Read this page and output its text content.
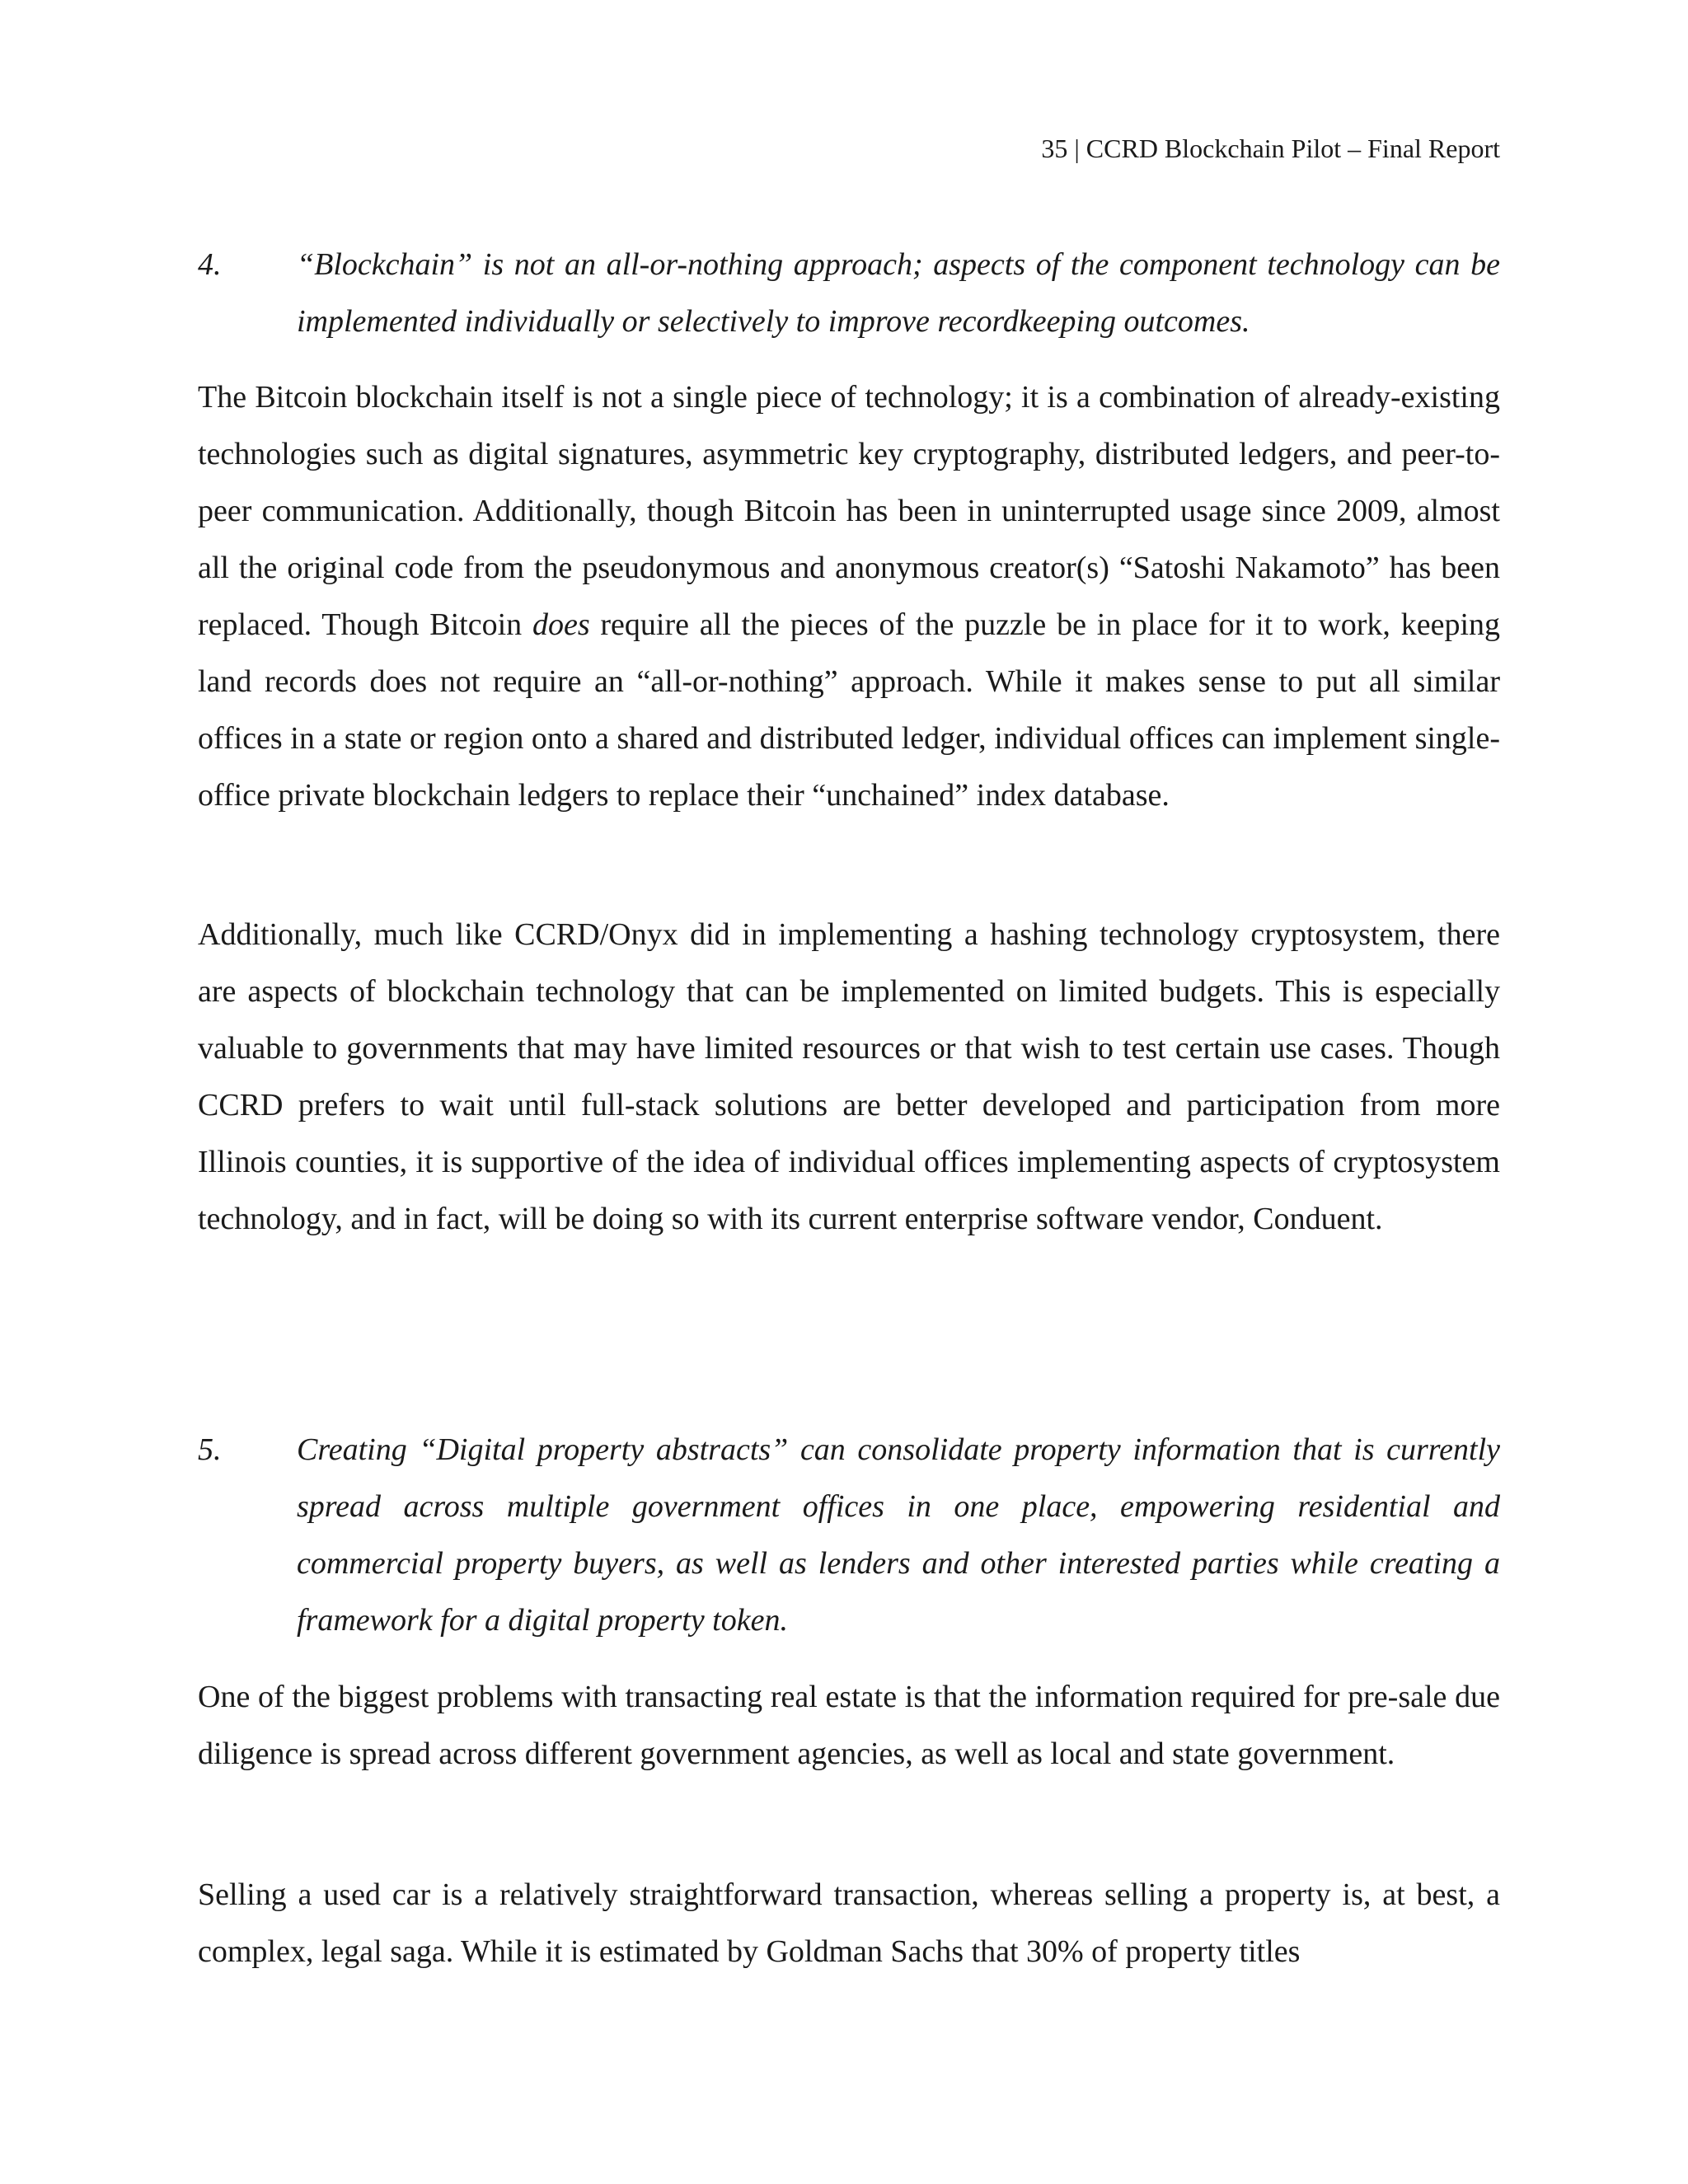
35 | CCRD Blockchain Pilot – Final Report
4.	“Blockchain” is not an all-or-nothing approach; aspects of the component technology can be implemented individually or selectively to improve recordkeeping outcomes.

The Bitcoin blockchain itself is not a single piece of technology; it is a combination of already-existing technologies such as digital signatures, asymmetric key cryptography, distributed ledgers, and peer-to-peer communication. Additionally, though Bitcoin has been in uninterrupted usage since 2009, almost all the original code from the pseudonymous and anonymous creator(s) “Satoshi Nakamoto” has been replaced. Though Bitcoin does require all the pieces of the puzzle be in place for it to work, keeping land records does not require an “all-or-nothing” approach. While it makes sense to put all similar offices in a state or region onto a shared and distributed ledger, individual offices can implement single-office private blockchain ledgers to replace their “unchained” index database.

Additionally, much like CCRD/Onyx did in implementing a hashing technology cryptosystem, there are aspects of blockchain technology that can be implemented on limited budgets. This is especially valuable to governments that may have limited resources or that wish to test certain use cases. Though CCRD prefers to wait until full-stack solutions are better developed and participation from more Illinois counties, it is supportive of the idea of individual offices implementing aspects of cryptosystem technology, and in fact, will be doing so with its current enterprise software vendor, Conduent.

5.	Creating “Digital property abstracts” can consolidate property information that is currently spread across multiple government offices in one place, empowering residential and commercial property buyers, as well as lenders and other interested parties while creating a framework for a digital property token.

One of the biggest problems with transacting real estate is that the information required for pre-sale due diligence is spread across different government agencies, as well as local and state government.

Selling a used car is a relatively straightforward transaction, whereas selling a property is, at best, a complex, legal saga. While it is estimated by Goldman Sachs that 30% of property titles
